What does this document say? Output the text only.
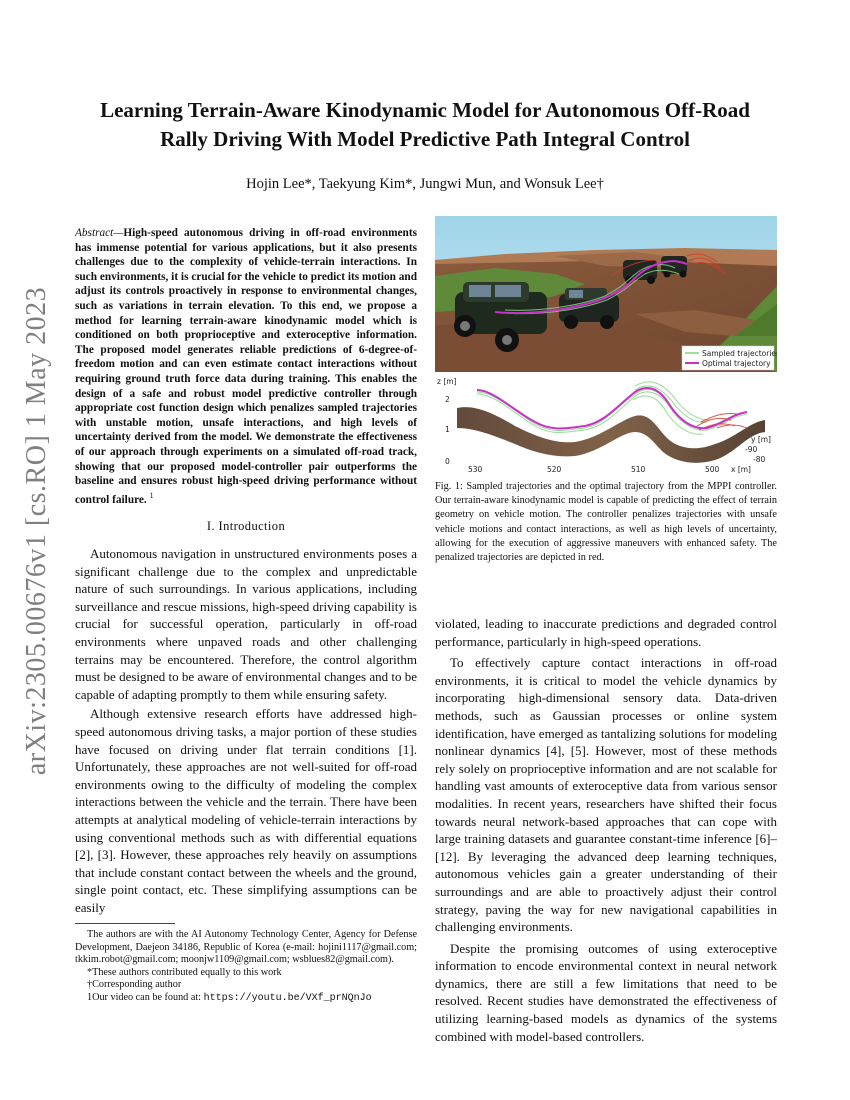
arXiv:2305.00676v1 [cs.RO] 1 May 2023
Learning Terrain-Aware Kinodynamic Model for Autonomous Off-Road
Rally Driving With Model Predictive Path Integral Control
Hojin Lee*, Taekyung Kim*, Jungwi Mun, and Wonsuk Lee†
Abstract—High-speed autonomous driving in off-road environments has immense potential for various applications, but it also presents challenges due to the complexity of vehicle-terrain interactions. In such environments, it is crucial for the vehicle to predict its motion and adjust its controls proactively in response to environmental changes, such as variations in terrain elevation. To this end, we propose a method for learning terrain-aware kinodynamic model which is conditioned on both proprioceptive and exteroceptive information. The proposed model generates reliable predictions of 6-degree-of-freedom motion and can even estimate contact interactions without requiring ground truth force data during training. This enables the design of a safe and robust model predictive controller through appropriate cost function design which penalizes sampled trajectories with unstable motion, unsafe interactions, and high levels of uncertainty derived from the model. We demonstrate the effectiveness of our approach through experiments on a simulated off-road track, showing that our proposed model-controller pair outperforms the baseline and ensures robust high-speed driving performance without control failure. $^1$
I. Introduction

Autonomous navigation in unstructured environments poses a significant challenge due to the complex and unpredictable nature of such surroundings. In various applications, including surveillance and rescue missions, high-speed driving capability is crucial for successful operation, particularly in off-road environments where unpaved roads and other challenging terrains may be encountered. Therefore, the control algorithm must be designed to be aware of environmental changes and to be capable of adapting promptly to them while ensuring safety.

Although extensive research efforts have addressed high-speed autonomous driving tasks, a major portion of these studies have focused on driving under flat terrain conditions [1]. Unfortunately, these approaches are not well-suited for off-road environments owing to the difficulty of modeling the complex interactions between the vehicle and the terrain. There have been attempts at analytical modeling of vehicle-terrain interactions by using conventional methods such as with differential equations [2], [3]. However, these approaches rely heavily on assumptions that include constant contact between the wheels and the ground, single point contact, etc. These simplifying assumptions can be easily

The authors are with the AI Autonomy Technology Center, Agency for Defense Development, Daejeon 34186, Republic of Korea (e-mail: hojini1117@gmail.com; tkkim.robot@gmail.com; moonjw1109@gmail.com; wsblues82@gmail.com).

*These authors contributed equally to this work

†Corresponding author

1Our video can be found at: https://youtu.be/VXf_prNQnJo

Sampled trajectories
Optimal trajectory
z [m]
2
1
0
530	520	510	500 x [m]
y [m]
-90
-80
Fig. 1: Sampled trajectories and the optimal trajectory from the MPPI controller. Our terrain-aware kinodynamic model is capable of predicting the effect of terrain geometry on vehicle motion. The controller penalizes trajectories with unsafe vehicle motions and contact interactions, as well as high levels of uncertainty, allowing for the execution of aggressive maneuvers with enhanced safety. The penalized trajectories are depicted in red.

violated, leading to inaccurate predictions and degraded control performance, particularly in high-speed operations.

To effectively capture contact interactions in off-road environments, it is critical to model the vehicle dynamics by incorporating high-dimensional sensory data. Data-driven methods, such as Gaussian processes or online system identification, have emerged as tantalizing solutions for modeling nonlinear dynamics [4], [5]. However, most of these methods rely solely on proprioceptive information and are not scalable for handling vast amounts of exteroceptive data from various sensor modalities. In recent years, researchers have shifted their focus towards neural network-based approaches that can cope with large training datasets and guarantee constant-time inference [6]–[12]. By leveraging the advanced deep learning techniques, autonomous vehicles gain a greater understanding of their surroundings and are able to proactively adjust their control strategy, paving the way for new navigational capabilities in challenging environments.

Despite the promising outcomes of using exteroceptive information to encode environmental context in neural network dynamics, there are still a few limitations that need to be resolved. Recent studies have demonstrated the effectiveness of utilizing learning-based models as dynamics of the systems combined with model-based controllers.
